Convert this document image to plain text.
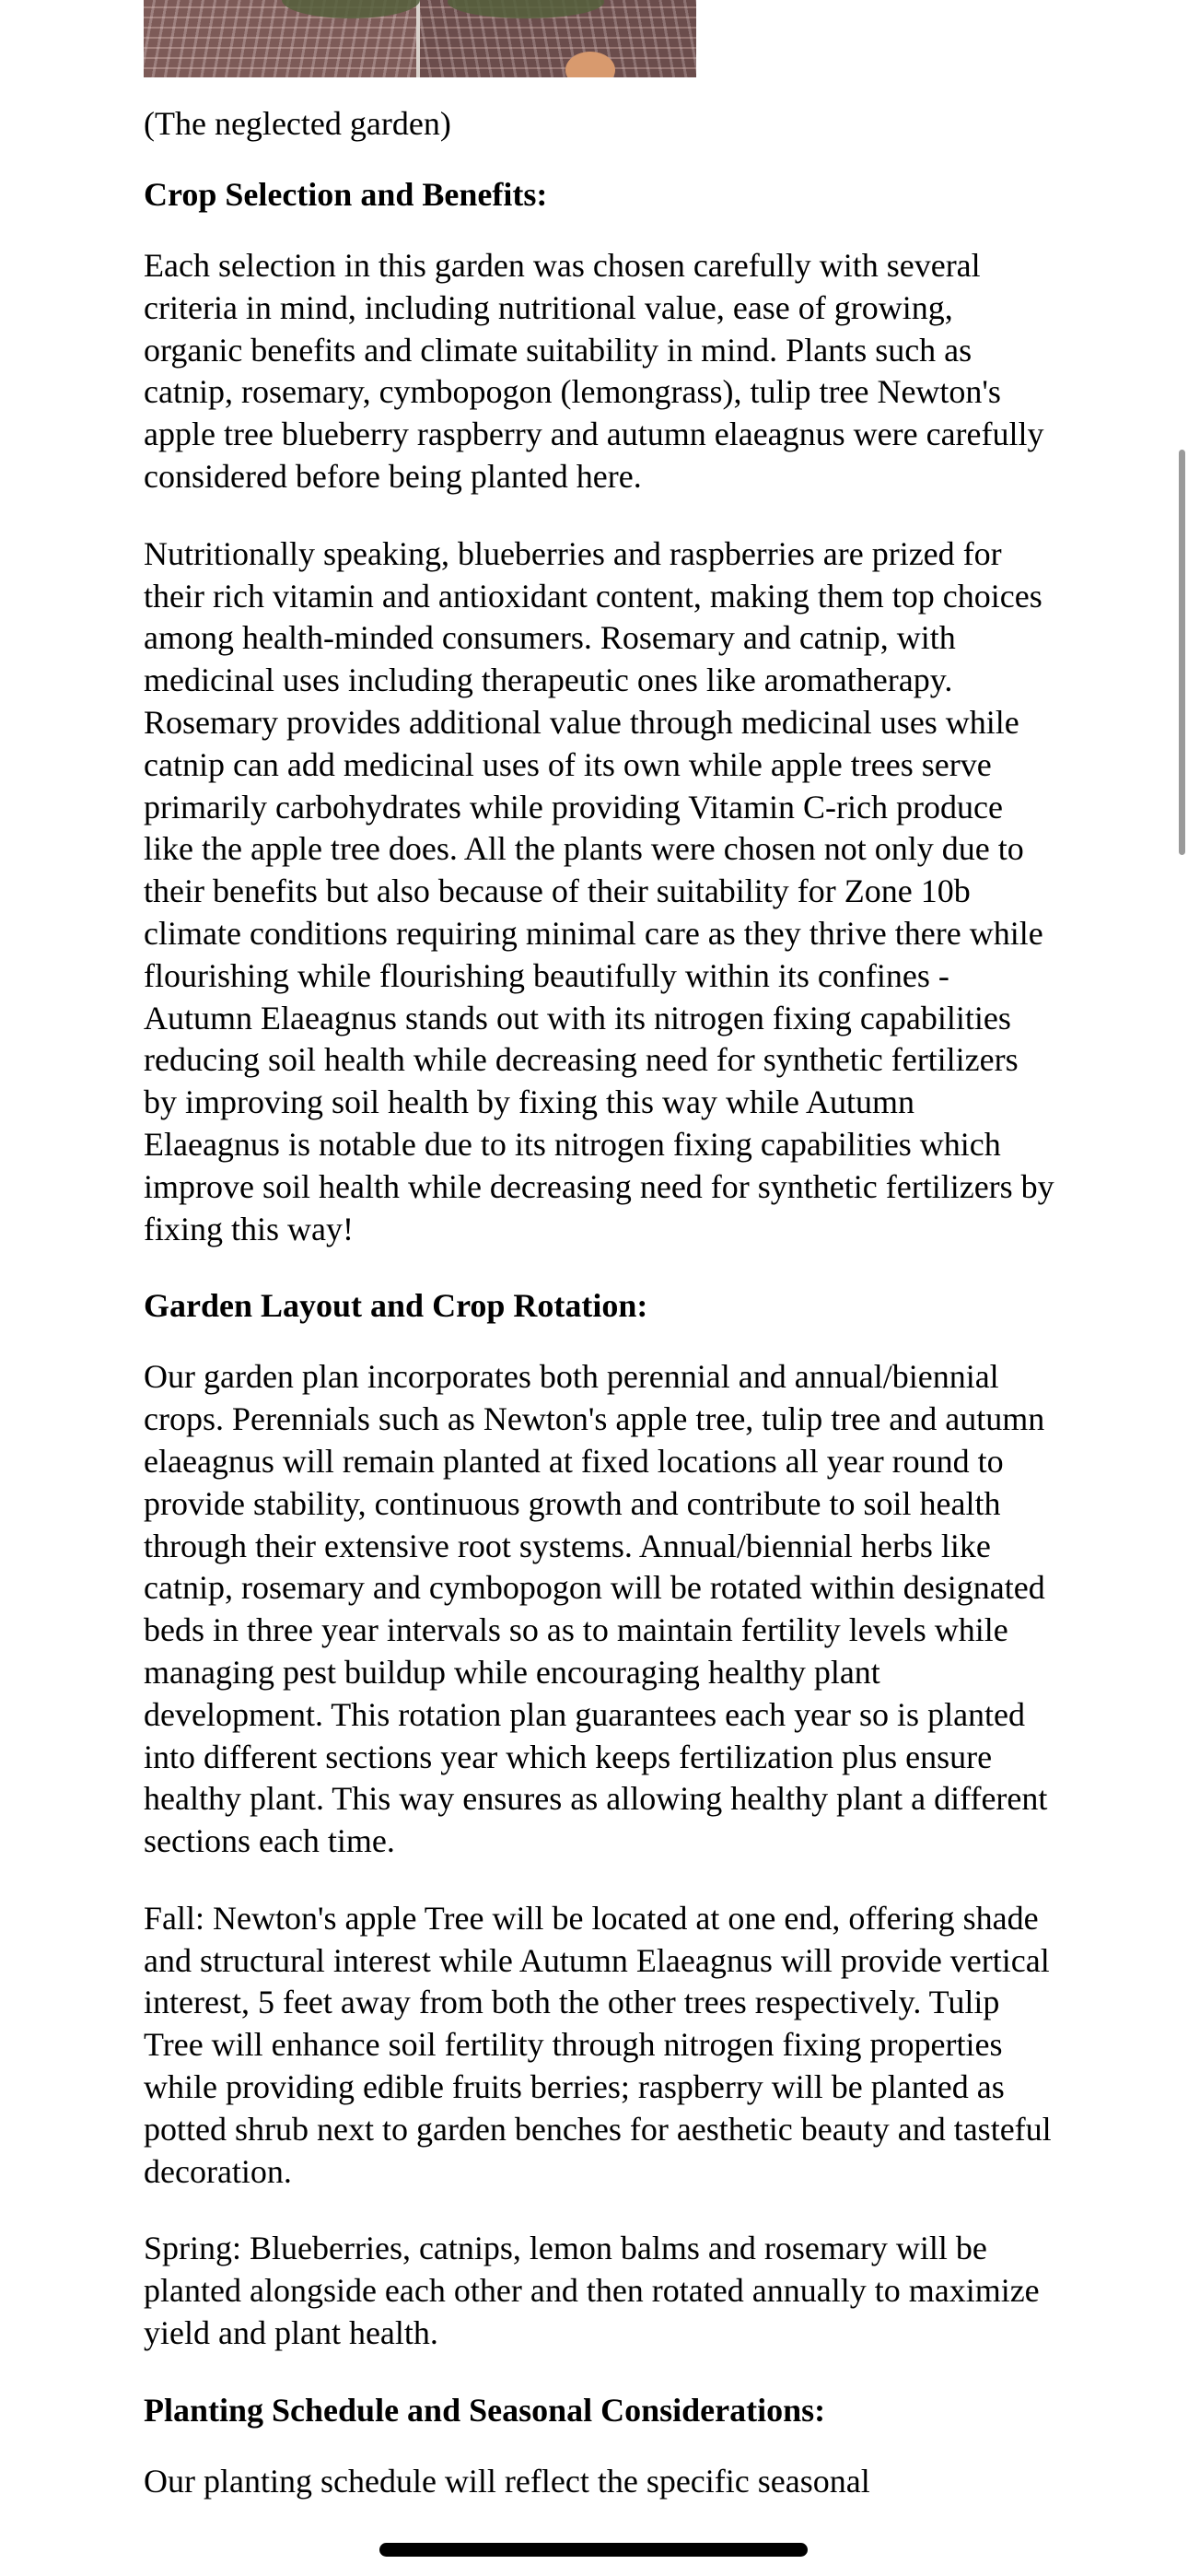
(The neglected garden)

Crop Selection and Benefits:

Each selection in this garden was chosen carefully with several criteria in mind, including nutritional value, ease of growing, organic benefits and climate suitability in mind. Plants such as catnip, rosemary, cymbopogon (lemongrass), tulip tree Newton's apple tree blueberry raspberry and autumn elaeagnus were carefully considered before being planted here.

Nutritionally speaking, blueberries and raspberries are prized for their rich vitamin and antioxidant content, making them top choices among health-minded consumers. Rosemary and catnip, with medicinal uses including therapeutic ones like aromatherapy. Rosemary provides additional value through medicinal uses while catnip can add medicinal uses of its own while apple trees serve primarily carbohydrates while providing Vitamin C-rich produce like the apple tree does. All the plants were chosen not only due to their benefits but also because of their suitability for Zone 10b climate conditions requiring minimal care as they thrive there while flourishing while flourishing beautifully within its confines - Autumn Elaeagnus stands out with its nitrogen fixing capabilities reducing soil health while decreasing need for synthetic fertilizers by improving soil health by fixing this way while Autumn Elaeagnus is notable due to its nitrogen fixing capabilities which improve soil health while decreasing need for synthetic fertilizers by fixing this way!

Garden Layout and Crop Rotation:

Our garden plan incorporates both perennial and annual/biennial crops. Perennials such as Newton's apple tree, tulip tree and autumn elaeagnus will remain planted at fixed locations all year round to provide stability, continuous growth and contribute to soil health through their extensive root systems. Annual/biennial herbs like catnip, rosemary and cymbopogon will be rotated within designated beds in three year intervals so as to maintain fertility levels while managing pest buildup while encouraging healthy plant development. This rotation plan guarantees each year so is planted into different sections year which keeps fertilization plus ensure healthy plant. This way ensures as allowing healthy plant a different sections each time.

Fall: Newton's apple Tree will be located at one end, offering shade and structural interest while Autumn Elaeagnus will provide vertical interest, 5 feet away from both the other trees respectively. Tulip Tree will enhance soil fertility through nitrogen fixing properties while providing edible fruits berries; raspberry will be planted as potted shrub next to garden benches for aesthetic beauty and tasteful decoration.

Spring: Blueberries, catnips, lemon balms and rosemary will be planted alongside each other and then rotated annually to maximize yield and plant health.

Planting Schedule and Seasonal Considerations:

Our planting schedule will reflect the specific seasonal
